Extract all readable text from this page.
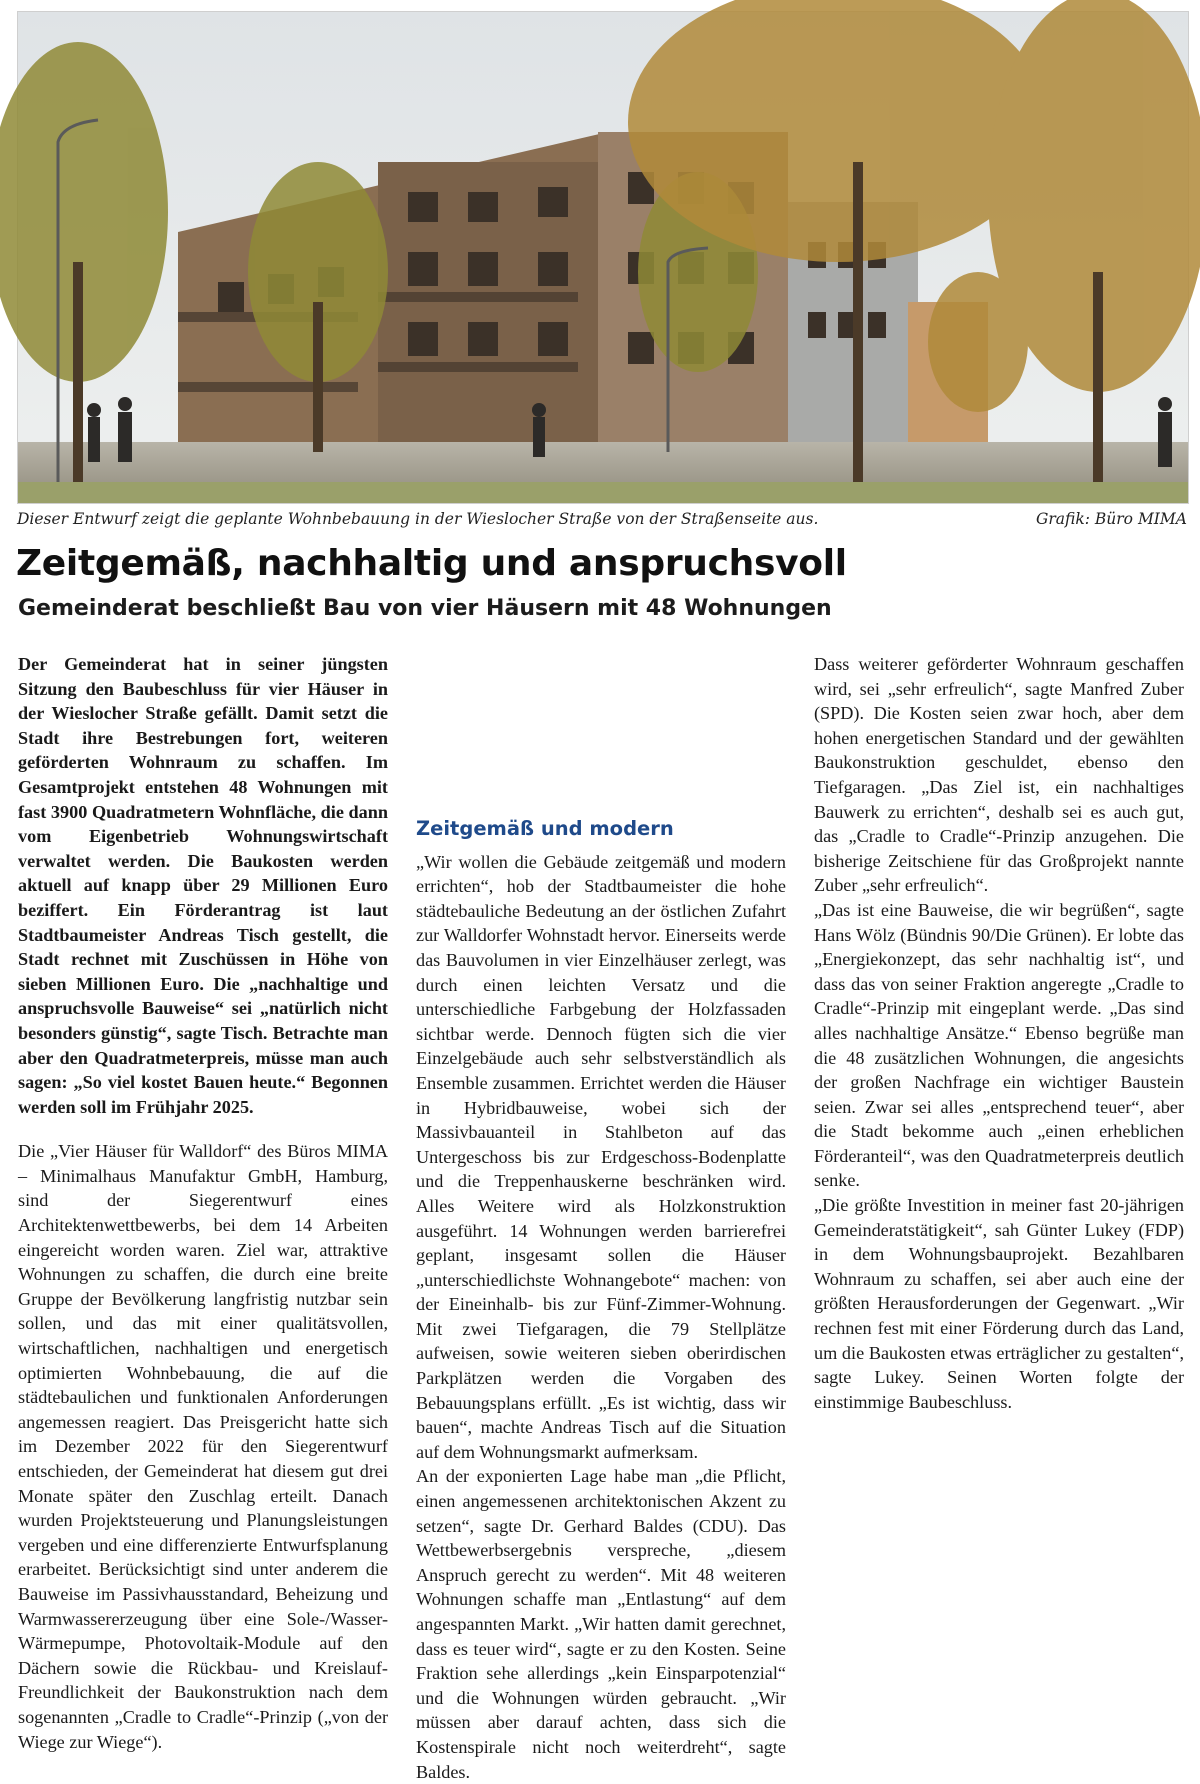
Dieser Entwurf zeigt die geplante Wohnbebauung in der Wieslocher Straße von der Straßenseite aus.	Grafik: Büro MIMA
Zeitgemäß, nachhaltig und anspruchsvoll
Gemeinderat beschließt Bau von vier Häusern mit 48 Wohnungen

Der Gemeinderat hat in seiner jüngsten Sitzung den Baubeschluss für vier Häuser in der Wieslocher Straße gefällt. Damit setzt die Stadt ihre Bestrebungen fort, weiteren geförderten Wohnraum zu schaffen. Im Gesamtprojekt entstehen 48 Wohnungen mit fast 3900 Quadratmetern Wohnfläche, die dann vom Eigenbetrieb Wohnungswirtschaft verwaltet werden. Die Baukosten werden aktuell auf knapp über 29 Millionen Euro beziffert. Ein Förderantrag ist laut Stadtbaumeister Andreas Tisch gestellt, die Stadt rechnet mit Zuschüssen in Höhe von sieben Millionen Euro. Die „nachhaltige und anspruchsvolle Bauweise“ sei „natürlich nicht besonders günstig“, sagte Tisch. Betrachte man aber den Quadratmeterpreis, müsse man auch sagen: „So viel kostet Bauen heute.“ Begonnen werden soll im Frühjahr 2025.

Die „Vier Häuser für Walldorf“ des Büros MIMA – Minimalhaus Manufaktur GmbH, Hamburg, sind der Siegerentwurf eines Architektenwettbewerbs, bei dem 14 Arbeiten eingereicht worden waren. Ziel war, attraktive Wohnungen zu schaffen, die durch eine breite Gruppe der Bevölkerung langfristig nutzbar sein sollen, und das mit einer qualitätsvollen, wirtschaftlichen, nachhaltigen und energetisch optimierten Wohnbebauung, die auf die städtebaulichen und funktionalen Anforderungen angemessen reagiert. Das Preisgericht hatte sich im Dezember 2022 für den Siegerentwurf entschieden, der Gemeinderat hat diesem gut drei Monate später den Zuschlag erteilt. Danach wurden Projektsteuerung und Planungsleistungen vergeben und eine differenzierte Entwurfsplanung erarbeitet. Berücksichtigt sind unter anderem die Bauweise im Passivhausstandard, Beheizung und Warmwassererzeugung über eine Sole-/Wasser-Wärmepumpe, Photovoltaik-Module auf den Dächern sowie die Rückbau- und Kreislauf-Freundlichkeit der Baukonstruktion nach dem sogenannten „Cradle to Cradle“-Prinzip („von der Wiege zur Wiege“).

Zeitgemäß und modern

„Wir wollen die Gebäude zeitgemäß und modern errichten“, hob der Stadtbaumeister die hohe städtebauliche Bedeutung an der östlichen Zufahrt zur Walldorfer Wohnstadt hervor. Einerseits werde das Bauvolumen in vier Einzelhäuser zerlegt, was durch einen leichten Versatz und die unterschiedliche Farbgebung der Holzfassaden sichtbar werde. Dennoch fügten sich die vier Einzelgebäude auch sehr selbstverständlich als Ensemble zusammen. Errichtet werden die Häuser in Hybridbauweise, wobei sich der Massivbauanteil in Stahlbeton auf das Untergeschoss bis zur Erdgeschoss-Bodenplatte und die Treppenhauskerne beschränken wird. Alles Weitere wird als Holzkonstruktion ausgeführt. 14 Wohnungen werden barrierefrei geplant, insgesamt sollen die Häuser „unterschiedlichste Wohnangebote“ machen: von der Eineinhalb- bis zur Fünf-Zimmer-Wohnung. Mit zwei Tiefgaragen, die 79 Stellplätze aufweisen, sowie weiteren sieben oberirdischen Parkplätzen werden die Vorgaben des Bebauungsplans erfüllt. „Es ist wichtig, dass wir bauen“, machte Andreas Tisch auf die Situation auf dem Wohnungsmarkt aufmerksam.

An der exponierten Lage habe man „die Pflicht, einen angemessenen architektonischen Akzent zu setzen“, sagte Dr. Gerhard Baldes (CDU). Das Wettbewerbsergebnis verspreche, „diesem Anspruch gerecht zu werden“. Mit 48 weiteren Wohnungen schaffe man „Entlastung“ auf dem angespannten Markt. „Wir hatten damit gerechnet, dass es teuer wird“, sagte er zu den Kosten. Seine Fraktion sehe allerdings „kein Einsparpotenzial“ und die Wohnungen würden gebraucht. „Wir müssen aber darauf achten, dass sich die Kostenspirale nicht noch weiterdreht“, sagte Baldes.

Dass weiterer geförderter Wohnraum geschaffen wird, sei „sehr erfreulich“, sagte Manfred Zuber (SPD). Die Kosten seien zwar hoch, aber dem hohen energetischen Standard und der gewählten Baukonstruktion geschuldet, ebenso den Tiefgaragen. „Das Ziel ist, ein nachhaltiges Bauwerk zu errichten“, deshalb sei es auch gut, das „Cradle to Cradle“-Prinzip anzugehen. Die bisherige Zeitschiene für das Großprojekt nannte Zuber „sehr erfreulich“.

„Das ist eine Bauweise, die wir begrüßen“, sagte Hans Wölz (Bündnis 90/Die Grünen). Er lobte das „Energiekonzept, das sehr nachhaltig ist“, und dass das von seiner Fraktion angeregte „Cradle to Cradle“-Prinzip mit eingeplant werde. „Das sind alles nachhaltige Ansätze.“ Ebenso begrüße man die 48 zusätzlichen Wohnungen, die angesichts der großen Nachfrage ein wichtiger Baustein seien. Zwar sei alles „entsprechend teuer“, aber die Stadt bekomme auch „einen erheblichen Förderanteil“, was den Quadratmeterpreis deutlich senke.

„Die größte Investition in meiner fast 20-jährigen Gemeinderatstätigkeit“, sah Günter Lukey (FDP) in dem Wohnungsbauprojekt. Bezahlbaren Wohnraum zu schaffen, sei aber auch eine der größten Herausforderungen der Gegenwart. „Wir rechnen fest mit einer Förderung durch das Land, um die Baukosten etwas erträglicher zu gestalten“, sagte Lukey. Seinen Worten folgte der einstimmige Baubeschluss.
